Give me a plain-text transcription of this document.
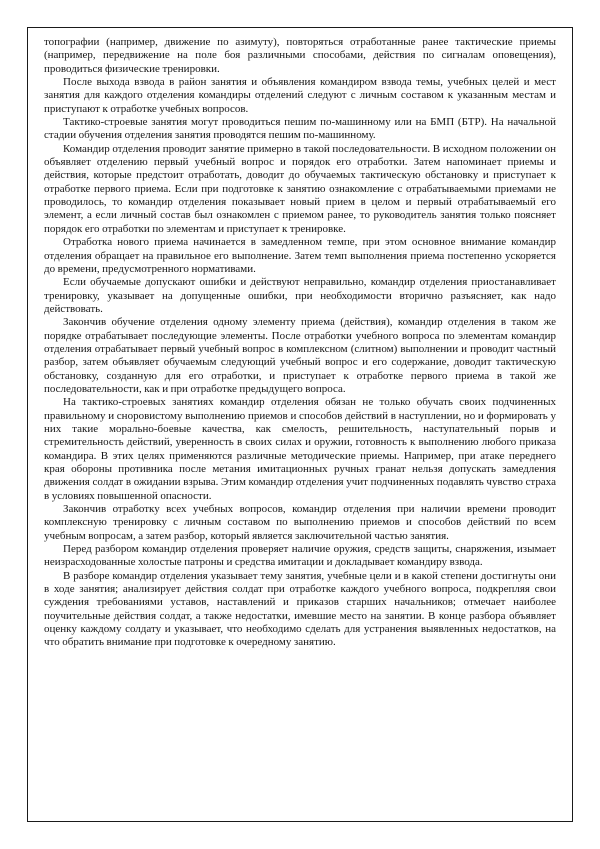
топографии (например, движение по азимуту), повторяться отработанные ранее тактические приемы (например, передвижение на поле боя различными способами, действия по сигналам оповещения), проводиться физические тренировки.

После выхода взвода в район занятия и объявления командиром взвода темы, учебных целей и мест занятия для каждого отделения командиры отделений следуют с личным составом к указанным местам и приступают к отработке учебных вопросов.

Тактико-строевые занятия могут проводиться пешим по-машинному или на БМП (БТР). На начальной стадии обучения отделения занятия проводятся пешим по-машинному.

Командир отделения проводит занятие примерно в такой последовательности. В исходном положении он объявляет отделению первый учебный вопрос и порядок его отработки. Затем напоминает приемы и действия, которые предстоит отработать, доводит до обучаемых тактическую обстановку и приступает к отработке первого приема. Если при подготовке к занятию ознакомление с отрабатываемыми приемами не проводилось, то командир отделения показывает новый прием в целом и первый отрабатываемый его элемент, а если личный состав был ознакомлен с приемом ранее, то руководитель занятия только поясняет порядок его отработки по элементам и приступает к тренировке.

Отработка нового приема начинается в замедленном темпе, при этом основное внимание командир отделения обращает на правильное его выполнение. Затем темп выполнения приема постепенно ускоряется до времени, предусмотренного нормативами.

Если обучаемые допускают ошибки и действуют неправильно, командир отделения приостанавливает тренировку, указывает на допущенные ошибки, при необходимости вторично разъясняет, как надо действовать.

Закончив обучение отделения одному элементу приема (действия), командир отделения в таком же порядке отрабатывает последующие элементы. После отработки учебного вопроса по элементам командир отделения отрабатывает первый учебный вопрос в комплексном (слитном) выполнении и проводит частный разбор, затем объявляет обучаемым следующий учебный вопрос и его содержание, доводит тактическую обстановку, созданную для его отработки, и приступает к отработке первого приема в такой же последовательности, как и при отработке предыдущего вопроса.

На тактико-строевых занятиях командир отделения обязан не только обучать своих подчиненных правильному и сноровистому выполнению приемов и способов действий в наступлении, но и формировать у них такие морально-боевые качества, как смелость, решительность, наступательный порыв и стремительность действий, уверенность в своих силах и оружии, готовность к выполнению любого приказа командира. В этих целях применяются различные методические приемы. Например, при атаке переднего края обороны противника после метания имитационных ручных гранат нельзя допускать замедления движения солдат в ожидании взрыва. Этим командир отделения учит подчиненных подавлять чувство страха в условиях повышенной опасности.

Закончив отработку всех учебных вопросов, командир отделения при наличии времени проводит комплексную тренировку с личным составом по выполнению приемов и способов действий по всем учебным вопросам, а затем разбор, который является заключительной частью занятия.

Перед разбором командир отделения проверяет наличие оружия, средств защиты, снаряжения, изымает неизрасходованные холостые патроны и средства имитации и докладывает командиру взвода.

В разборе командир отделения указывает тему занятия, учебные цели и в какой степени достигнуты они в ходе занятия; анализирует действия солдат при отработке каждого учебного вопроса, подкрепляя свои суждения требованиями уставов, наставлений и приказов старших начальников; отмечает наиболее поучительные действия солдат, а также недостатки, имевшие место на занятии. В конце разбора объявляет оценку каждому солдату и указывает, что необходимо сделать для устранения выявленных недостатков, на что обратить внимание при подготовке к очередному занятию.
